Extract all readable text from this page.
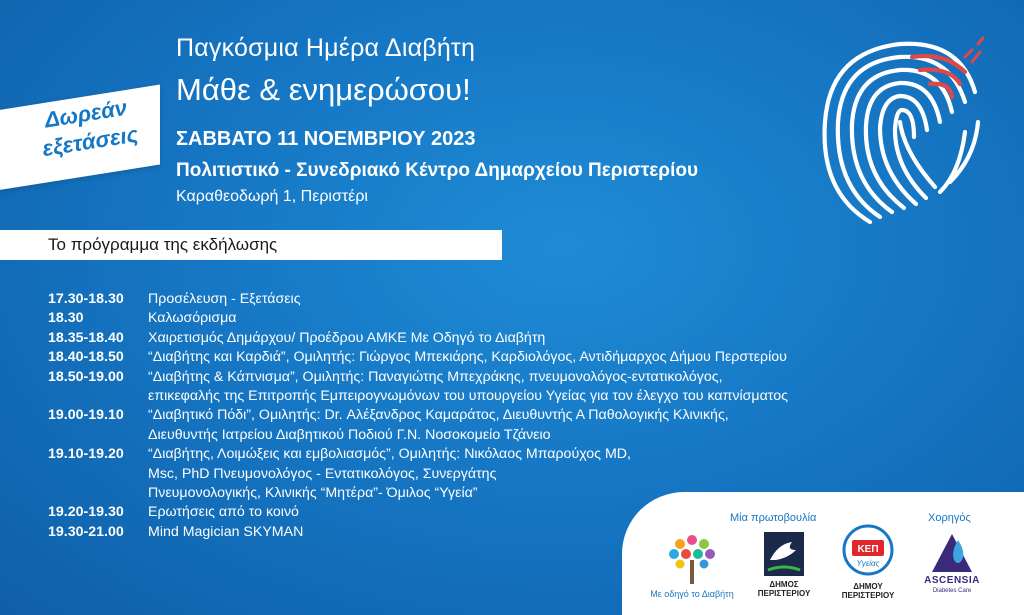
Παγκόσμια Ημέρα Διαβήτη
Μάθε & ενημερώσου!
Δωρεάν
εξετάσεις	ΣΑΒΒΑΤΟ 11 ΝΟΕΜΒΡΙΟΥ 2023
Πολιτιστικό - Συνεδριακό Κέντρο Δημαρχείου Περιστερίου
Καραθεοδωρή 1, Περιστέρι
Το πρόγραμμα της εκδήλωσης
17.30-18.30	Προσέλευση - Εξετάσεις
18.30	Καλωσόρισμα
18.35-18.40	Χαιρετισμός Δημάρχου/ Προέδρου ΑΜΚΕ Με Οδηγό το Διαβήτη
18.40-18.50	“Διαβήτης και Καρδιά”, Ομιλητής: Γιώργος Μπεκιάρης, Καρδιολόγος, Αντιδήμαρχος Δήμου Περστερίου
18.50-19.00	“Διαβήτης & Κάπνισμα”, Ομιλητής: Παναγιώτης Μπεχράκης, πνευμονολόγος-εντατικολόγος,
επικεφαλής της Επιτροπής Εμπειρογνωμόνων του υπουργείου Υγείας για τον έλεγχο του καπνίσματος
19.00-19.10	“Διαβητικό Πόδι”, Ομιλητής: Dr. Αλέξανδρος Καμαράτος, Διευθυντής Α Παθολογικής Κλινικής,
Διευθυντής Ιατρείου Διαβητικού Ποδιού Γ.Ν. Νοσοκομείο Τζάνειο
19.10-19.20	“Διαβήτης, Λοιμώξεις και εμβολιασμός”, Ομιλητής: Νικόλαος Μπαρούχος MD,
Msc, PhD Πνευμονολόγος - Εντατικολόγος, Συνεργάτης
Πνευμονολογικής, Κλινικής “Μητέρα”- Όμιλος “Υγεία”
19.20-19.30	Ερωτήσεις από το κοινό
19.30-21.00	Mind Magician SKYMAN
Μία πρωτοβουλία	Χορηγός
Με οδηγό το Διαβήτη
ΔΗΜΟΣ
ΠΕΡΙΣΤΕΡΙΟΥ
ΚΕΠ
Υγείας
ΔΗΜΟΥ
ΠΕΡΙΣΤΕΡΙΟΥ
ASCENSIA
Diabetes Care
